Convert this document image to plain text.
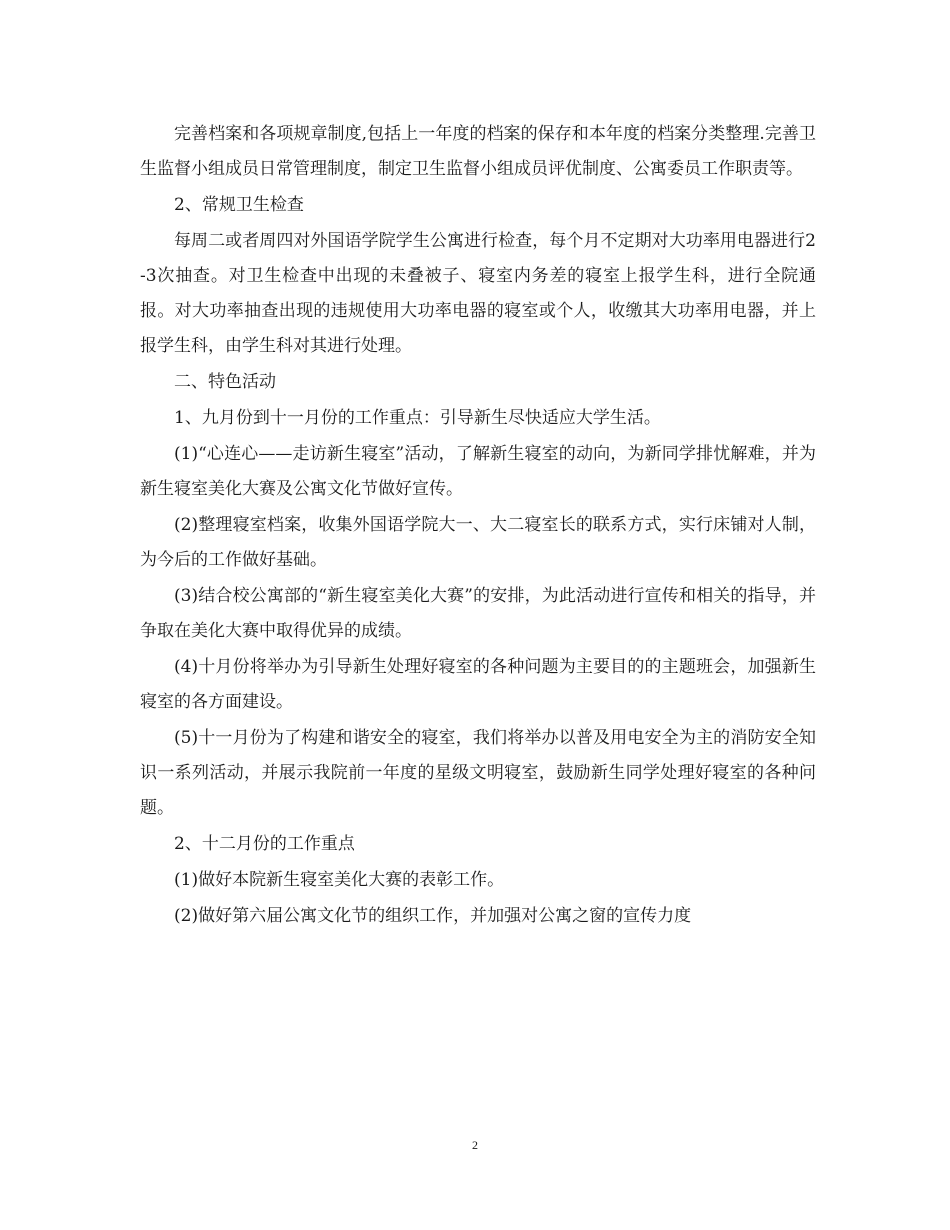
完善档案和各项规章制度,包括上一年度的档案的保存和本年度的档案分类整理.完善卫生监督小组成员日常管理制度，制定卫生监督小组成员评优制度、公寓委员工作职责等。

2、常规卫生检查

每周二或者周四对外国语学院学生公寓进行检查，每个月不定期对大功率用电器进行2-3次抽查。对卫生检查中出现的未叠被子、寝室内务差的寝室上报学生科，进行全院通报。对大功率抽查出现的违规使用大功率电器的寝室或个人，收缴其大功率用电器，并上报学生科，由学生科对其进行处理。

二、特色活动

1、九月份到十一月份的工作重点：引导新生尽快适应大学生活。

(1)“心连心——走访新生寝室”活动，了解新生寝室的动向，为新同学排忧解难，并为新生寝室美化大赛及公寓文化节做好宣传。

(2)整理寝室档案，收集外国语学院大一、大二寝室长的联系方式，实行床铺对人制，为今后的工作做好基础。

(3)结合校公寓部的“新生寝室美化大赛”的安排，为此活动进行宣传和相关的指导，并争取在美化大赛中取得优异的成绩。

(4)十月份将举办为引导新生处理好寝室的各种问题为主要目的的主题班会，加强新生寝室的各方面建设。

(5)十一月份为了构建和谐安全的寝室，我们将举办以普及用电安全为主的消防安全知识一系列活动，并展示我院前一年度的星级文明寝室，鼓励新生同学处理好寝室的各种问题。

2、十二月份的工作重点

(1)做好本院新生寝室美化大赛的表彰工作。

(2)做好第六届公寓文化节的组织工作，并加强对公寓之窗的宣传力度

2
